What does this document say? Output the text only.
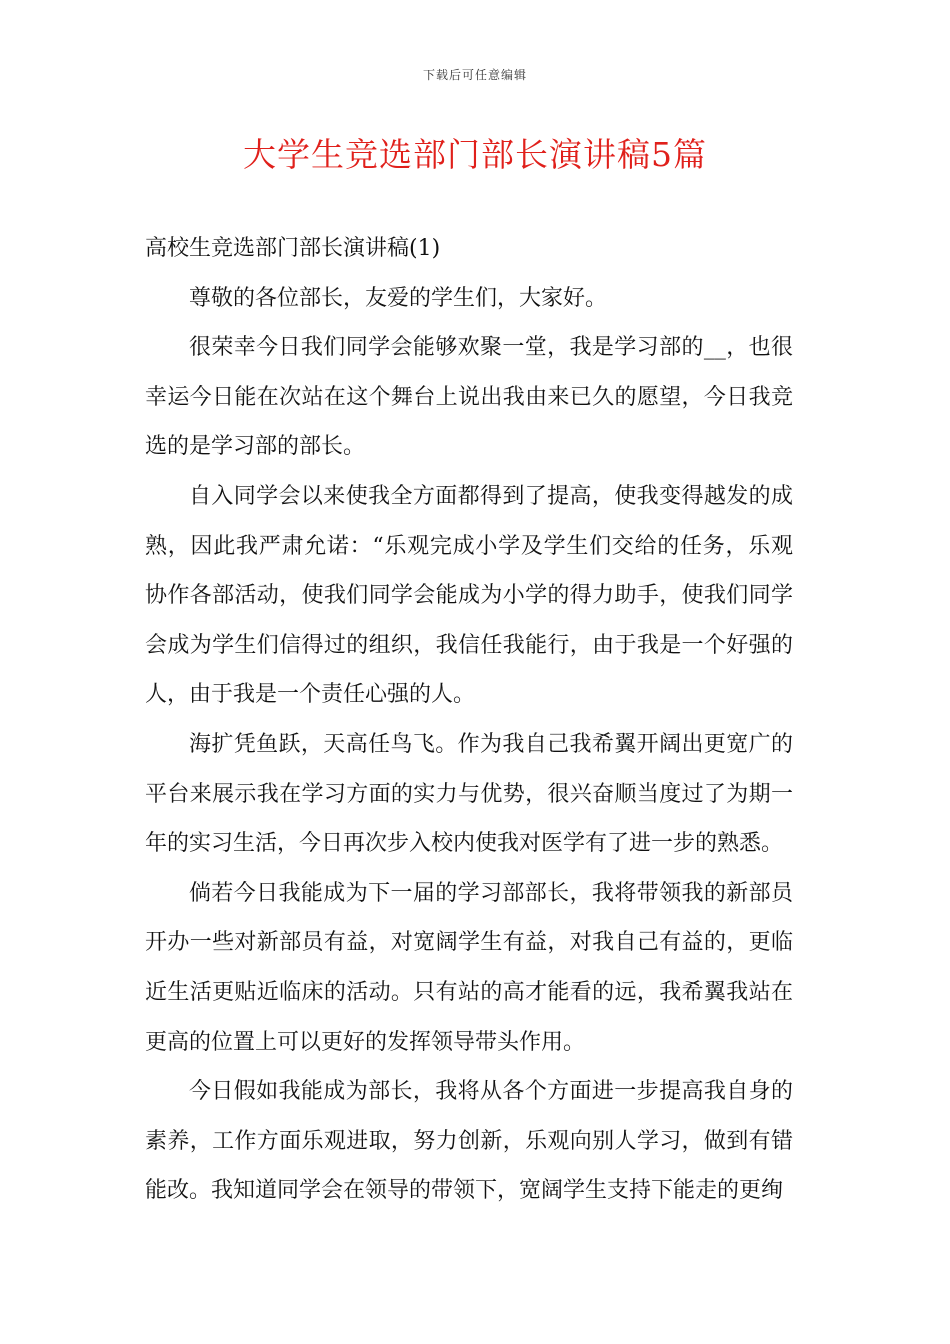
下载后可任意编辑
大学生竞选部门部长演讲稿5篇

高校生竞选部门部长演讲稿(1)

尊敬的各位部长，友爱的学生们，大家好。

很荣幸今日我们同学会能够欢聚一堂，我是学习部的__，也很幸运今日能在次站在这个舞台上说出我由来已久的愿望，今日我竞选的是学习部的部长。

自入同学会以来使我全方面都得到了提高，使我变得越发的成熟，因此我严肃允诺：“乐观完成小学及学生们交给的任务，乐观协作各部活动，使我们同学会能成为小学的得力助手，使我们同学会成为学生们信得过的组织，我信任我能行，由于我是一个好强的人，由于我是一个责任心强的人。

海扩凭鱼跃，天高任鸟飞。作为我自己我希翼开阔出更宽广的平台来展示我在学习方面的实力与优势，很兴奋顺当度过了为期一年的实习生活，今日再次步入校内使我对医学有了进一步的熟悉。

倘若今日我能成为下一届的学习部部长，我将带领我的新部员开办一些对新部员有益，对宽阔学生有益，对我自己有益的，更临近生活更贴近临床的活动。只有站的高才能看的远，我希翼我站在更高的位置上可以更好的发挥领导带头作用。

今日假如我能成为部长，我将从各个方面进一步提高我自身的素养，工作方面乐观进取，努力创新，乐观向别人学习，做到有错能改。我知道同学会在领导的带领下，宽阔学生支持下能走的更绚
